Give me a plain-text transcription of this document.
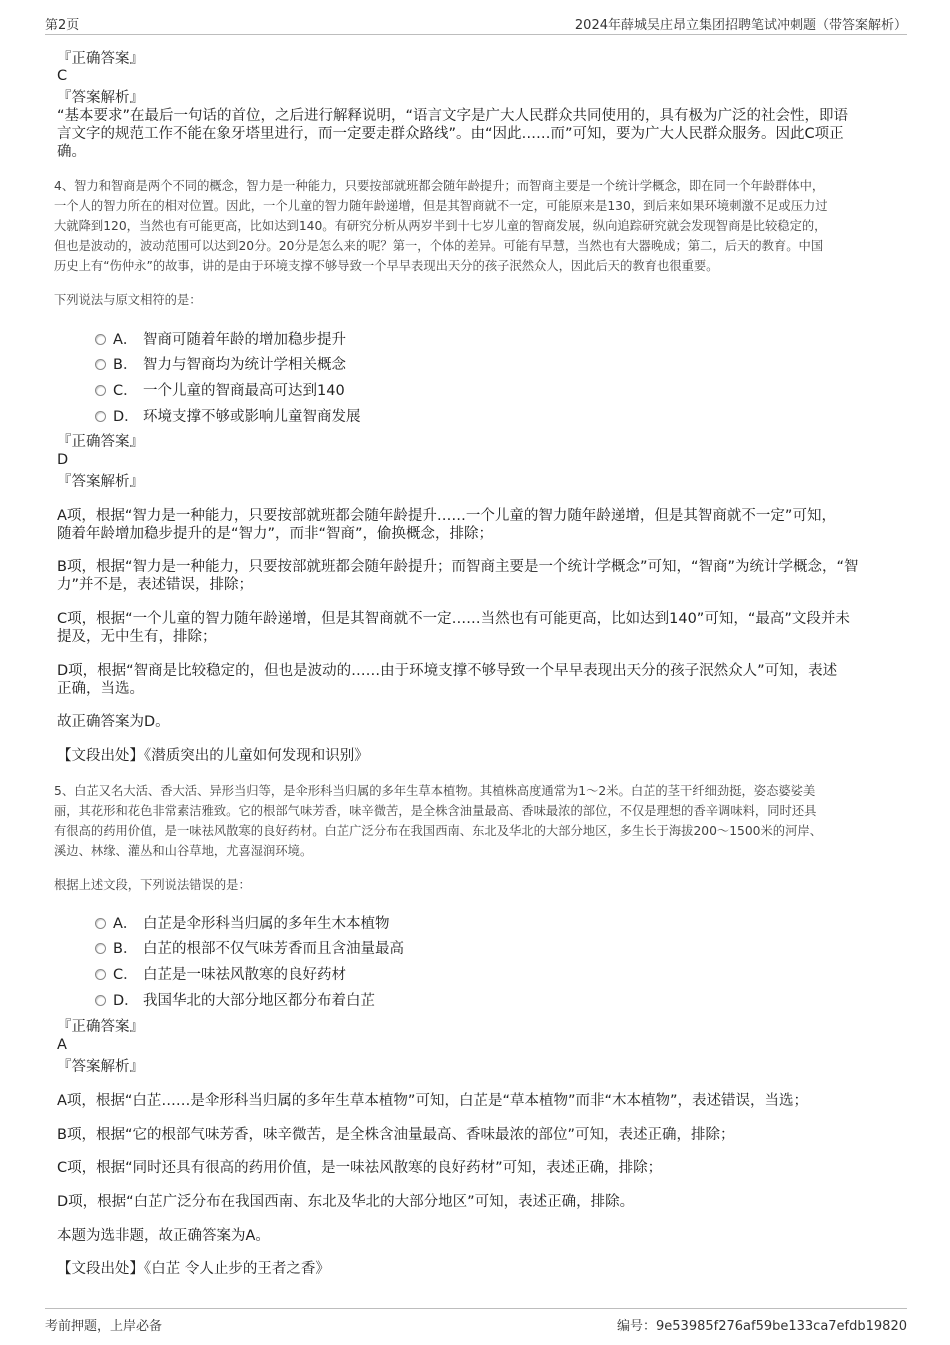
第2页	2024年薛城吴庄昂立集团招聘笔试冲刺题（带答案解析）
『正确答案』
C
『答案解析』
“基本要求”在最后一句话的首位，之后进行解释说明，“语言文字是广大人民群众共同使用的，具有极为广泛的社会性，即语
言文字的规范工作不能在象牙塔里进行，而一定要走群众路线”。由“因此……而”可知，要为广大人民群众服务。因此C项正
确。
4、智力和智商是两个不同的概念，智力是一种能力，只要按部就班都会随年龄提升；而智商主要是一个统计学概念，即在同一个年龄群体中，
一个人的智力所在的相对位置。因此，一个儿童的智力随年龄递增，但是其智商就不一定，可能原来是130，到后来如果环境刺激不足或压力过
大就降到120，当然也有可能更高，比如达到140。有研究分析从两岁半到十七岁儿童的智商发展，纵向追踪研究就会发现智商是比较稳定的，
但也是波动的，波动范围可以达到20分。20分是怎么来的呢？第一，个体的差异。可能有早慧，当然也有大器晚成；第二，后天的教育。中国
历史上有“伤仲永”的故事，讲的是由于环境支撑不够导致一个早早表现出天分的孩子泯然众人，因此后天的教育也很重要。
下列说法与原文相符的是：
A． 智商可随着年龄的增加稳步提升
B． 智力与智商均为统计学相关概念
C． 一个儿童的智商最高可达到140
D． 环境支撑不够或影响儿童智商发展
『正确答案』
D
『答案解析』
A项，根据“智力是一种能力，只要按部就班都会随年龄提升……一个儿童的智力随年龄递增，但是其智商就不一定”可知，
随着年龄增加稳步提升的是“智力”，而非“智商”，偷换概念，排除；
B项，根据“智力是一种能力，只要按部就班都会随年龄提升；而智商主要是一个统计学概念”可知，“智商”为统计学概念，“智
力”并不是，表述错误，排除；
C项，根据“一个儿童的智力随年龄递增，但是其智商就不一定……当然也有可能更高，比如达到140”可知，“最高”文段并未
提及，无中生有，排除；
D项，根据“智商是比较稳定的，但也是波动的……由于环境支撑不够导致一个早早表现出天分的孩子泯然众人”可知，表述
正确，当选。
故正确答案为D。
【文段出处】《潜质突出的儿童如何发现和识别》
5、白芷又名大活、香大活、异形当归等，是伞形科当归属的多年生草本植物。其植株高度通常为1～2米。白芷的茎干纤细劲挺，姿态婆娑美
丽，其花形和花色非常素洁雅致。它的根部气味芳香，味辛微苦，是全株含油量最高、香味最浓的部位，不仅是理想的香辛调味料，同时还具
有很高的药用价值，是一味祛风散寒的良好药材。白芷广泛分布在我国西南、东北及华北的大部分地区，多生长于海拔200～1500米的河岸、
溪边、林缘、灌丛和山谷草地，尤喜湿润环境。
根据上述文段，下列说法错误的是：
A． 白芷是伞形科当归属的多年生木本植物
B． 白芷的根部不仅气味芳香而且含油量最高
C． 白芷是一味祛风散寒的良好药材
D． 我国华北的大部分地区都分布着白芷
『正确答案』
A
『答案解析』
A项，根据“白芷……是伞形科当归属的多年生草本植物”可知，白芷是“草本植物”而非“木本植物”，表述错误，当选；
B项，根据“它的根部气味芳香，味辛微苦，是全株含油量最高、香味最浓的部位”可知，表述正确，排除；
C项，根据“同时还具有很高的药用价值，是一味祛风散寒的良好药材”可知，表述正确，排除；
D项，根据“白芷广泛分布在我国西南、东北及华北的大部分地区”可知，表述正确，排除。
本题为选非题，故正确答案为A。
【文段出处】《白芷 令人止步的王者之香》
考前押题，上岸必备	编号：9e53985f276af59be133ca7efdb19820
